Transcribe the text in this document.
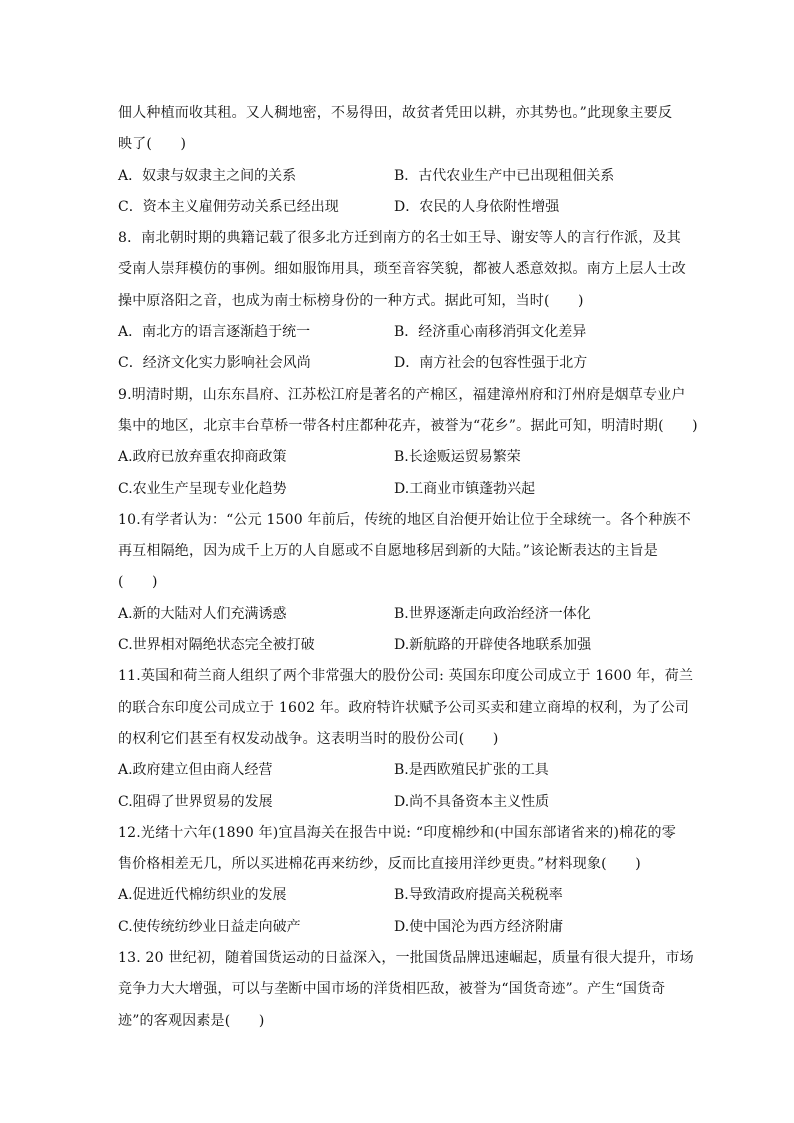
佃人种植而收其租。又人稠地密，不易得田，故贫者凭田以耕，亦其势也。”此现象主要反
映了(　　)
A．奴隶与奴隶主之间的关系	B．古代农业生产中已出现租佃关系
C．资本主义雇佣劳动关系已经出现	D．农民的人身依附性增强
8．南北朝时期的典籍记载了很多北方迁到南方的名士如王导、谢安等人的言行作派，及其
受南人崇拜模仿的事例。细如服饰用具，琐至音容笑貌，都被人悉意效拟。南方上层人士改
操中原洛阳之音，也成为南士标榜身份的一种方式。据此可知，当时(　　)
A．南北方的语言逐渐趋于统一	B．经济重心南移消弭文化差异
C．经济文化实力影响社会风尚	D．南方社会的包容性强于北方
9.明清时期，山东东昌府、江苏松江府是著名的产棉区，福建漳州府和汀州府是烟草专业户
集中的地区，北京丰台草桥一带各村庄都种花卉，被誉为“花乡”。据此可知，明清时期(　　)
A.政府已放弃重农抑商政策	B.长途贩运贸易繁荣
C.农业生产呈现专业化趋势	D.工商业市镇蓬勃兴起
10.有学者认为：“公元 1500 年前后，传统的地区自治便开始让位于全球统一。各个种族不
再互相隔绝，因为成千上万的人自愿或不自愿地移居到新的大陆。”该论断表达的主旨是
(　　)
A.新的大陆对人们充满诱惑	B.世界逐渐走向政治经济一体化
C.世界相对隔绝状态完全被打破	D.新航路的开辟使各地联系加强
11.英国和荷兰商人组织了两个非常强大的股份公司: 英国东印度公司成立于 1600 年，荷兰
的联合东印度公司成立于 1602 年。政府特许状赋予公司买卖和建立商埠的权利，为了公司
的权利它们甚至有权发动战争。这表明当时的股份公司(　　)
A.政府建立但由商人经营	B.是西欧殖民扩张的工具
C.阻碍了世界贸易的发展	D.尚不具备资本主义性质
12.光绪十六年(1890 年)宜昌海关在报告中说: “印度棉纱和(中国东部诸省来的)棉花的零
售价格相差无几，所以买进棉花再来纺纱，反而比直接用洋纱更贵。”材料现象(　　)
A.促进近代棉纺织业的发展	B.导致清政府提高关税税率
C.使传统纺纱业日益走向破产	D.使中国沦为西方经济附庸
13. 20 世纪初，随着国货运动的日益深入，一批国货品牌迅速崛起，质量有很大提升，市场
竞争力大大增强，可以与垄断中国市场的洋货相匹敌，被誉为“国货奇迹”。产生“国货奇
迹”的客观因素是(　　)
